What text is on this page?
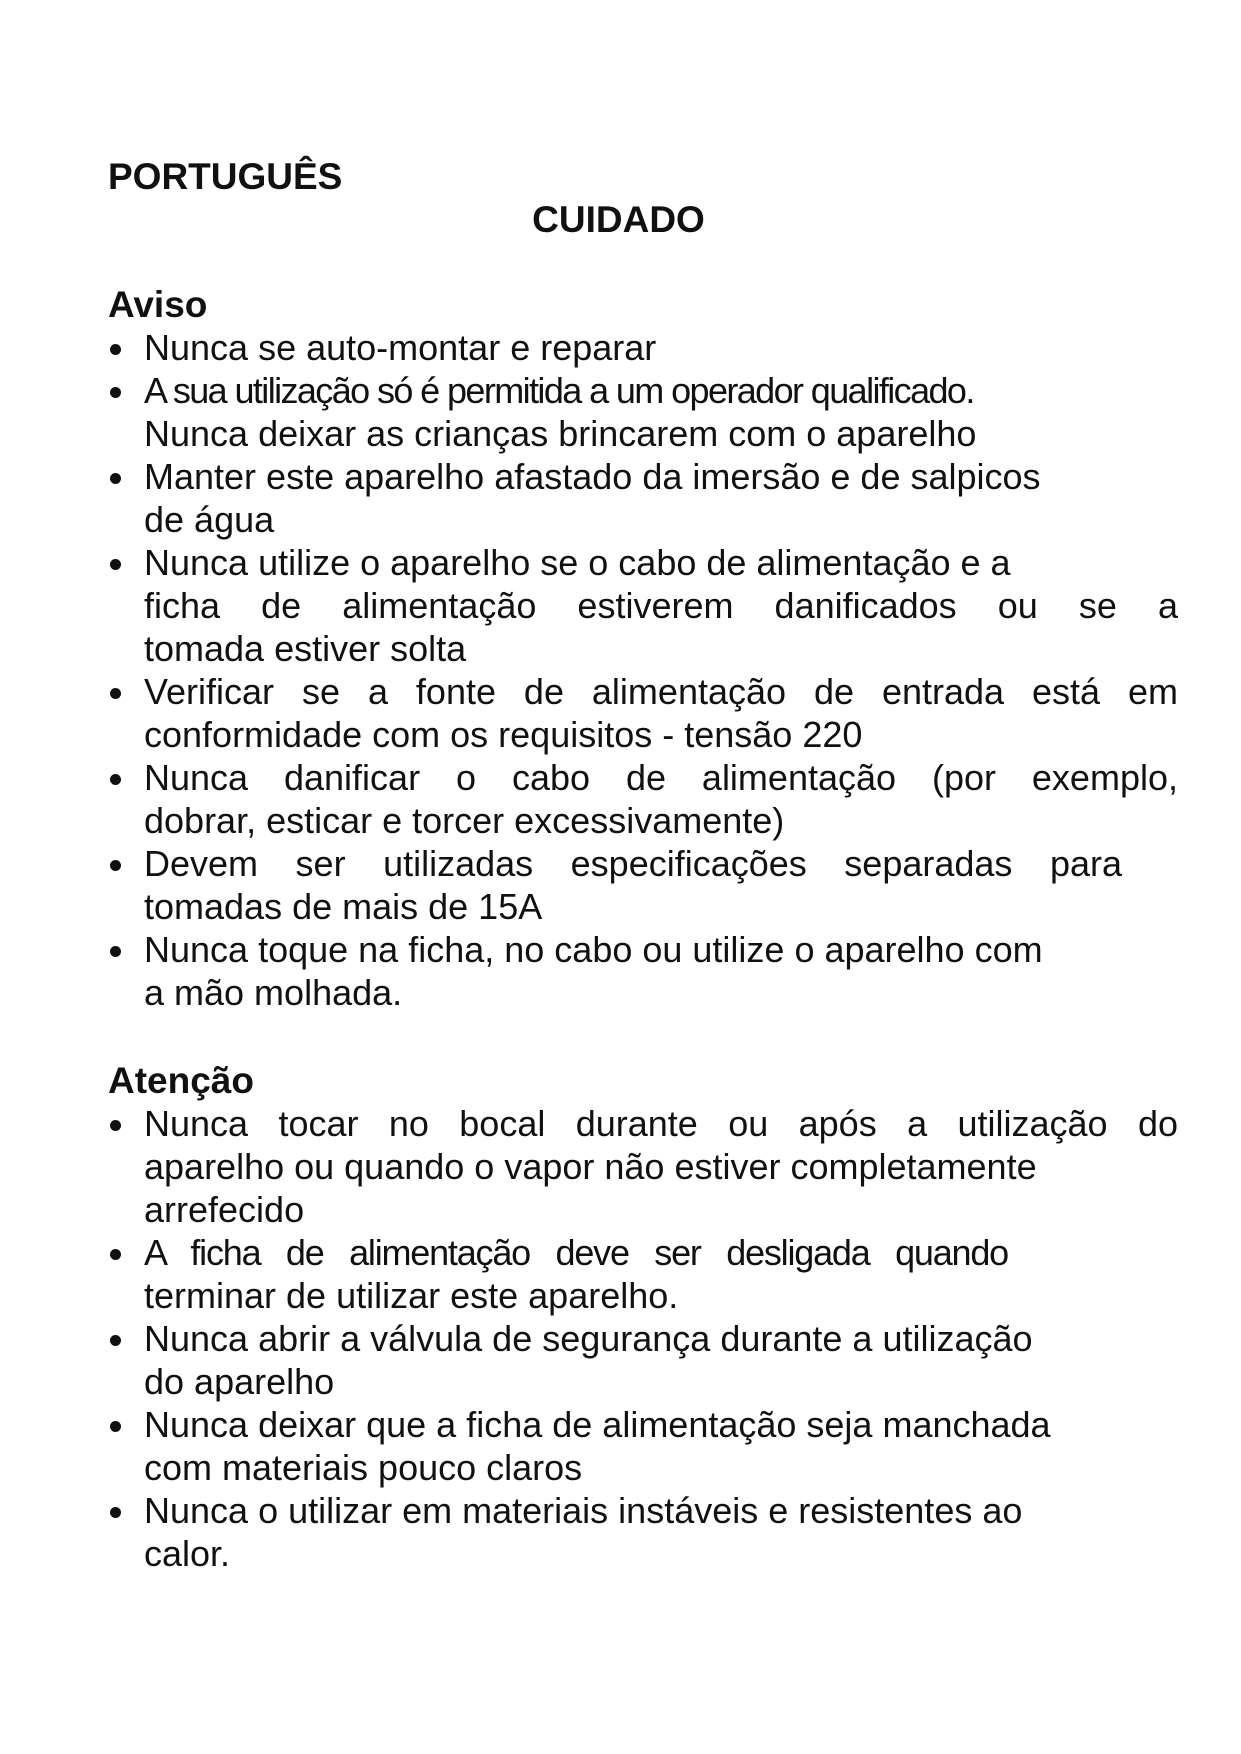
PORTUGUÊS
CUIDADO
Aviso
Nunca se auto-montar e reparar
A sua utilização só é permitida a um operador qualificado.
Nunca deixar as crianças brincarem com o aparelho
Manter este aparelho afastado da imersão e de salpicos
de água
Nunca utilize o aparelho se o cabo de alimentação e a
ficha de alimentação estiverem danificados ou se a
tomada estiver solta
Verificar se a fonte de alimentação de entrada está em
conformidade com os requisitos - tensão 220
Nunca danificar o cabo de alimentação (por exemplo,
dobrar, esticar e torcer excessivamente)
Devem ser utilizadas especificações separadas para
tomadas de mais de 15A
Nunca toque na ficha, no cabo ou utilize o aparelho com
a mão molhada.
Atenção
Nunca tocar no bocal durante ou após a utilização do
aparelho ou quando o vapor não estiver completamente
arrefecido
A ficha de alimentação deve ser desligada quando
terminar de utilizar este aparelho.
Nunca abrir a válvula de segurança durante a utilização
do aparelho
Nunca deixar que a ficha de alimentação seja manchada
com materiais pouco claros
Nunca o utilizar em materiais instáveis e resistentes ao
calor.
